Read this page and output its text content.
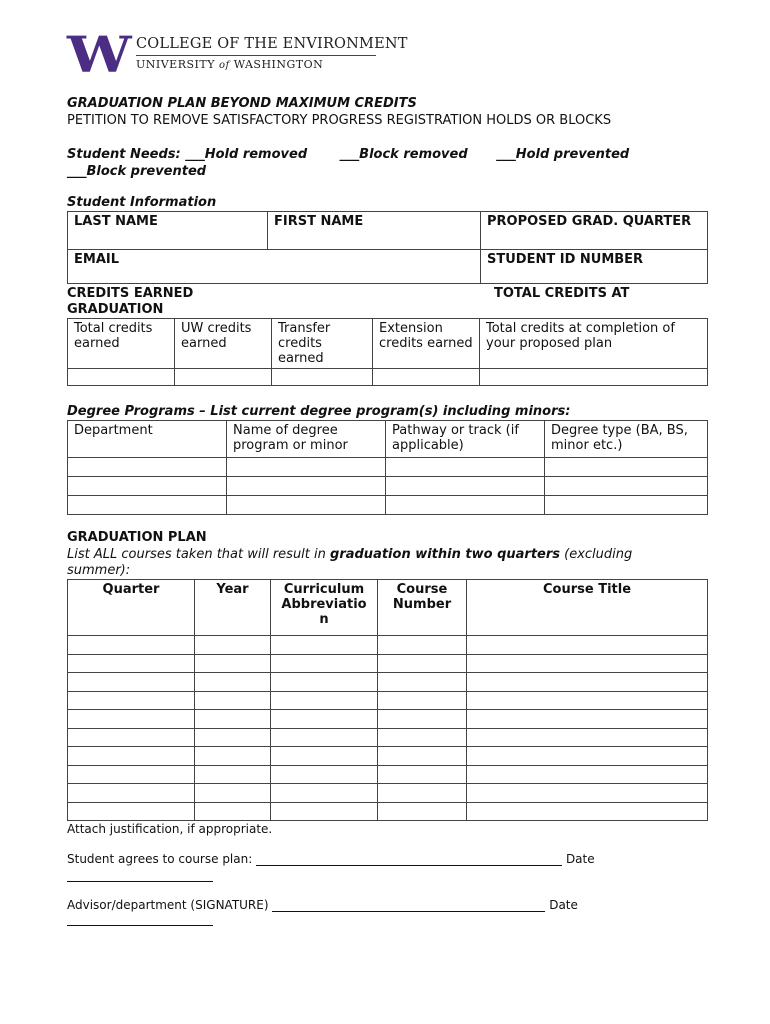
W COLLEGE OF THE ENVIRONMENT
UNIVERSITY of WASHINGTON
GRADUATION PLAN BEYOND MAXIMUM CREDITS
PETITION TO REMOVE SATISFACTORY PROGRESS REGISTRATION HOLDS OR BLOCKS
Student Needs: ___Hold removed	___Block removed ___Hold prevented
___Block prevented
Student Information
LAST NAME	FIRST NAME	PROPOSED GRAD. QUARTER
EMAIL		STUDENT ID NUMBER
CREDITS EARNED GRADUATION
TOTAL CREDITS AT
Total credits earned	UW credits earned	Transfer credits earned	Extension credits earned	Total credits at completion of your proposed plan

Degree Programs – List current degree program(s) including minors:
Department	Name of degree program or minor	Pathway or track (if applicable)	Degree type (BA, BS, minor etc.)

GRADUATION PLAN
List ALL courses taken that will result in graduation within two quarters (excluding summer):
Quarter	Year	Curriculum Abbreviation	Course Number	Course Title

Attach justification, if appropriate.
Student agrees to course plan:	Date
Advisor/department (SIGNATURE)	Date
